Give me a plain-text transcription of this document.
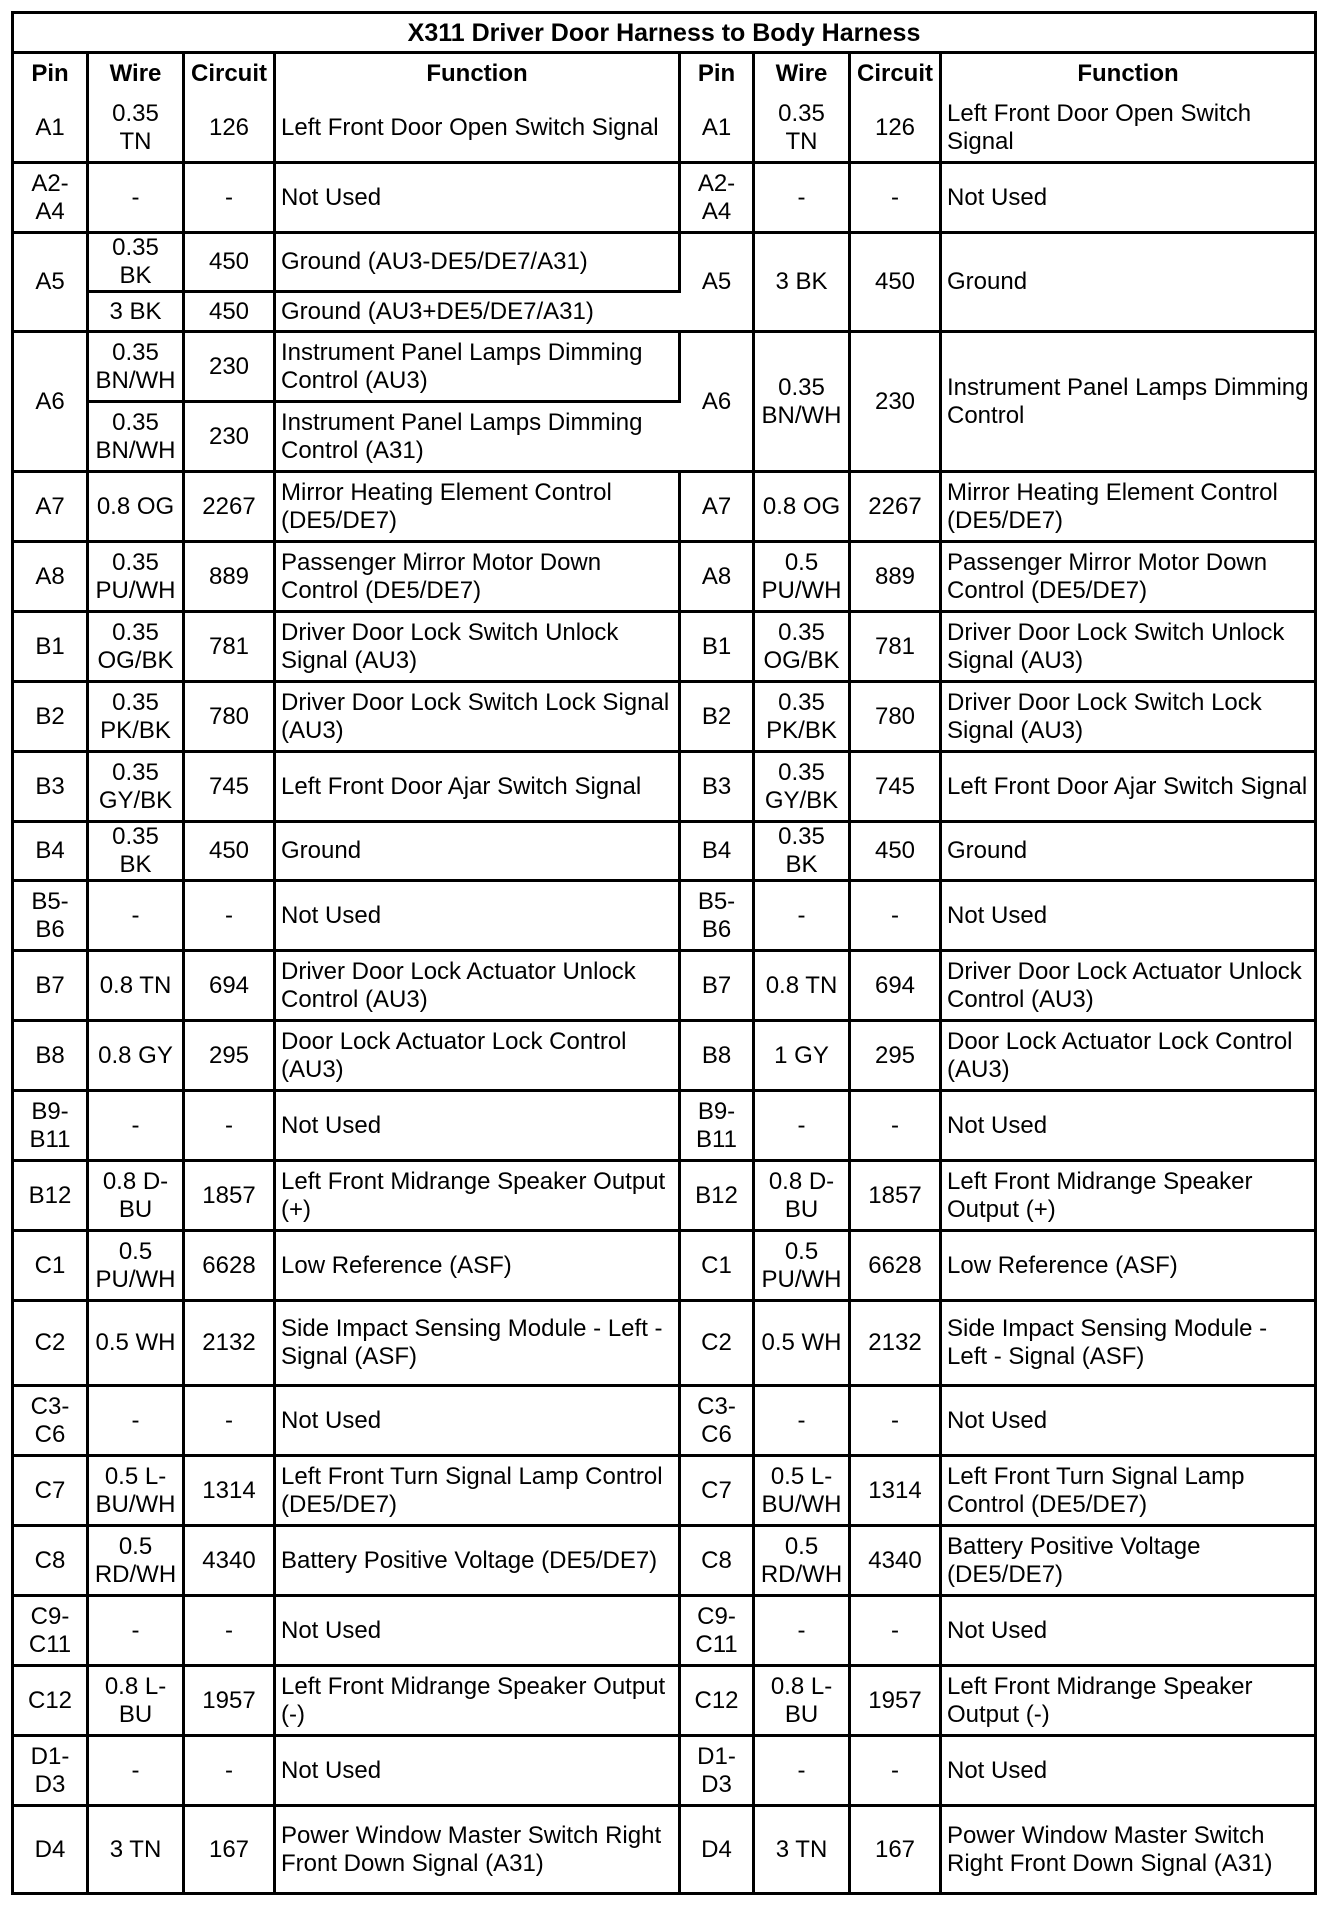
X311 Driver Door Harness to Body Harness							
Pin	Wire	Circuit	Function	Pin	Wire	Circuit	Function
A1	0.35 TN	126	Left Front Door Open Switch Signal	A1	0.35 TN	126	Left Front Door Open Switch Signal
A2-A4	-	-	Not Used	A2-A4	-	-	Not Used
A5	0.35 BK	450	Ground (AU3-DE5/DE7/A31)	A5	3 BK	450	Ground
	3 BK	450	Ground (AU3+DE5/DE7/A31)				
A6	0.35 BN/WH	230	Instrument Panel Lamps Dimming Control (AU3)	A6	0.35 BN/WH	230	Instrument Panel Lamps Dimming Control
	0.35 BN/WH	230	Instrument Panel Lamps Dimming Control (A31)				
A7	0.8 OG	2267	Mirror Heating Element Control (DE5/DE7)	A7	0.8 OG	2267	Mirror Heating Element Control (DE5/DE7)
A8	0.35 PU/WH	889	Passenger Mirror Motor Down Control (DE5/DE7)	A8	0.5 PU/WH	889	Passenger Mirror Motor Down Control (DE5/DE7)
B1	0.35 OG/BK	781	Driver Door Lock Switch Unlock Signal (AU3)	B1	0.35 OG/BK	781	Driver Door Lock Switch Unlock Signal (AU3)
B2	0.35 PK/BK	780	Driver Door Lock Switch Lock Signal (AU3)	B2	0.35 PK/BK	780	Driver Door Lock Switch Lock Signal (AU3)
B3	0.35 GY/BK	745	Left Front Door Ajar Switch Signal	B3	0.35 GY/BK	745	Left Front Door Ajar Switch Signal
B4	0.35 BK	450	Ground	B4	0.35 BK	450	Ground
B5-B6	-	-	Not Used	B5-B6	-	-	Not Used
B7	0.8 TN	694	Driver Door Lock Actuator Unlock Control (AU3)	B7	0.8 TN	694	Driver Door Lock Actuator Unlock Control (AU3)
B8	0.8 GY	295	Door Lock Actuator Lock Control (AU3)	B8	1 GY	295	Door Lock Actuator Lock Control (AU3)
B9-B11	-	-	Not Used	B9-B11	-	-	Not Used
B12	0.8 D-BU	1857	Left Front Midrange Speaker Output (+)	B12	0.8 D-BU	1857	Left Front Midrange Speaker Output (+)
C1	0.5 PU/WH	6628	Low Reference (ASF)	C1	0.5 PU/WH	6628	Low Reference (ASF)
C2	0.5 WH	2132	Side Impact Sensing Module - Left - Signal (ASF)	C2	0.5 WH	2132	Side Impact Sensing Module - Left - Signal (ASF)
C3-C6	-	-	Not Used	C3-C6	-	-	Not Used
C7	0.5 L-BU/WH	1314	Left Front Turn Signal Lamp Control (DE5/DE7)	C7	0.5 L-BU/WH	1314	Left Front Turn Signal Lamp Control (DE5/DE7)
C8	0.5 RD/WH	4340	Battery Positive Voltage (DE5/DE7)	C8	0.5 RD/WH	4340	Battery Positive Voltage (DE5/DE7)
C9-C11	-	-	Not Used	C9-C11	-	-	Not Used
C12	0.8 L-BU	1957	Left Front Midrange Speaker Output (-)	C12	0.8 L-BU	1957	Left Front Midrange Speaker Output (-)
D1-D3	-	-	Not Used	D1-D3	-	-	Not Used
D4	3 TN	167	Power Window Master Switch Right Front Down Signal (A31)	D4	3 TN	167	Power Window Master Switch Right Front Down Signal (A31)
